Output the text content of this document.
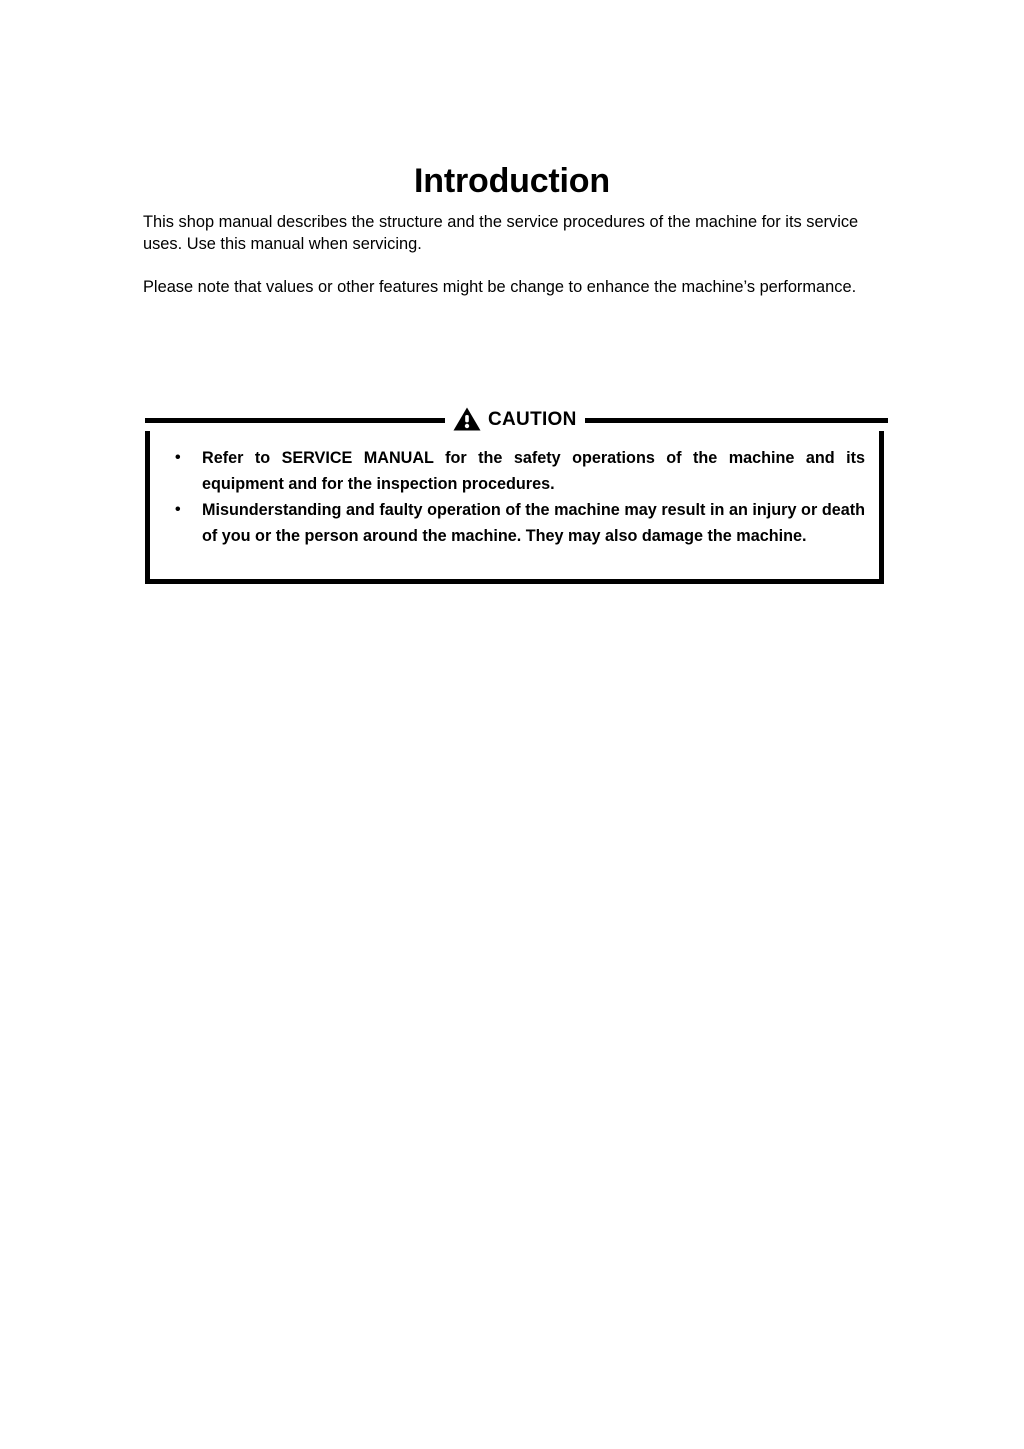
Introduction

This shop manual describes the structure and the service procedures of the machine for its service uses. Use this manual when servicing.

Please note that values or other features might be change to enhance the machine’s performance.

CAUTION
• Refer to SERVICE MANUAL for the safety operations of the machine and its equipment and for the inspection procedures.
• Misunderstanding and faulty operation of the machine may result in an injury or death of you or the person around the machine. They may also damage the machine.
